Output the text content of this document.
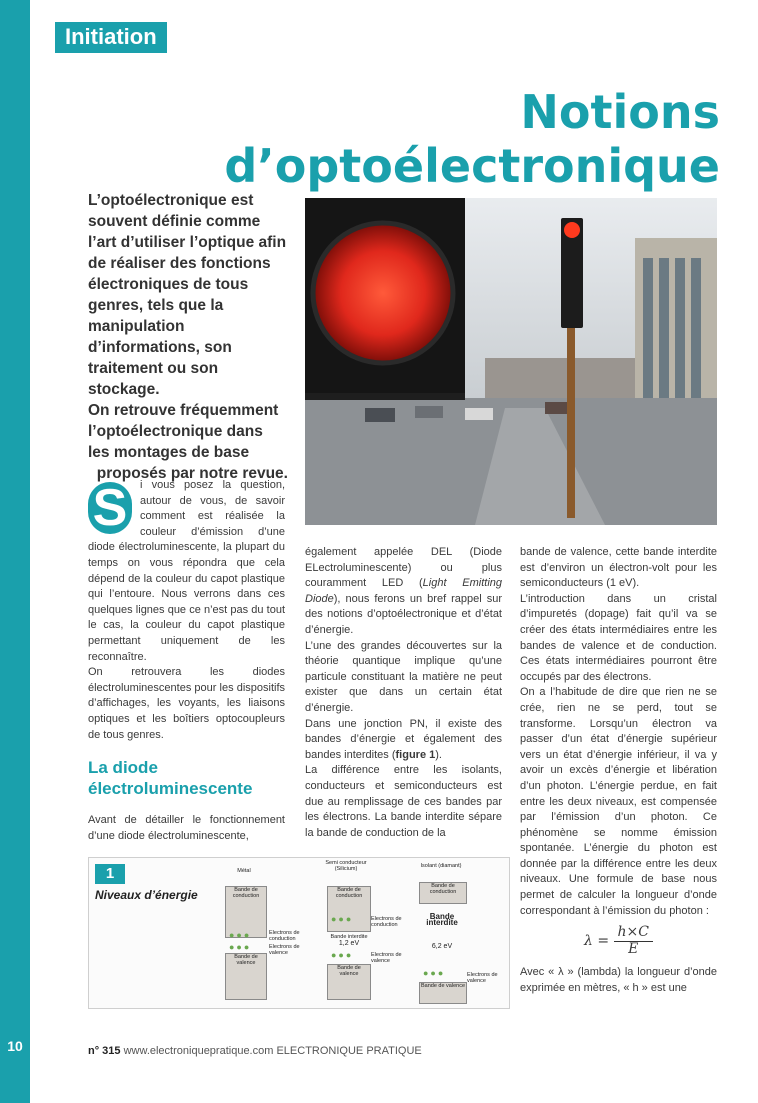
10
Initiation
Notions
d’optoélectronique

L’optoélectronique est souvent définie comme l’art d’utiliser l’optique afin de réaliser des fonctions électroniques de tous genres, tels que la manipulation d’informations, son traitement ou son stockage.

On retrouve fréquemment l’optoélectronique dans les montages de base

proposés par notre revue.

S	i vous posez la question, autour de vous, de savoir comment est réalisée la couleur d’émission d’une diode électroluminescente, la plupart du temps on vous répondra que cela dépend de la couleur du capot plastique qui l’entoure. Nous verrons dans ces quelques lignes que ce n’est pas du tout le cas, la couleur du capot plastique permettant uniquement de les reconnaître.

On retrouvera les diodes électroluminescentes pour les dispositifs d’affichages, les voyants, les liaisons optiques et les boîtiers optocoupleurs de tous genres.

La diode électroluminescente

Avant de détailler le fonctionnement d’une diode électroluminescente,

également appelée DEL (Diode ELectroluminescente) ou plus couramment LED (Light Emitting Diode), nous ferons un bref rappel sur des notions d’optoélectronique et d’état d’énergie.

L’une des grandes découvertes sur la théorie quantique implique qu’une particule constituant la matière ne peut exister que dans un certain état d’énergie.

Dans une jonction PN, il existe des bandes d’énergie et également des bandes interdites (figure 1).

La différence entre les isolants, conducteurs et semiconducteurs est due au remplissage de ces bandes par les électrons. La bande interdite sépare la bande de conduction de la

bande de valence, cette bande interdite est d’environ un électron-volt pour les semiconducteurs (1 eV).

L’introduction dans un cristal d’impuretés (dopage) fait qu’il va se créer des états intermédiaires entre les bandes de valence et de conduction. Ces états intermédiaires pourront être occupés par des électrons.

On a l’habitude de dire que rien ne se crée, rien ne se perd, tout se transforme. Lorsqu’un électron va passer d’un état d’énergie supérieur vers un état d’énergie inférieur, il va y avoir un excès d’énergie et libération d’un photon. L’énergie perdue, en fait entre les deux niveaux, est compensée par l’émission d’un photon. Ce phénomène se nomme émission spontanée. L’énergie du photon est donnée par la différence entre les deux niveaux. Une formule de base nous permet de calculer la longueur d’onde correspondant à l’émission du photon :

$\lambda = \frac{h\times C}{E}$

Avec « λ » (lambda) la longueur d’onde exprimée en mètres, « h » est une

1
Niveaux d’énergie
Métal
Semi conducteur (Silicium)
Isolant (diamant)
Bande de conduction
Bande de valence
●●●
●●●
Electrons de conduction
Electrons de valence
Bande de conduction
●●●	Electrons de conduction
Bande interdite
1,2 eV
●●●	Electrons de valence
Bande de valence
Bande de conduction
Bande interdite
6,2 eV
●●●	Electrons de valence
Bande de valence
n° 315 www.electroniquepratique.com ELECTRONIQUE PRATIQUE
